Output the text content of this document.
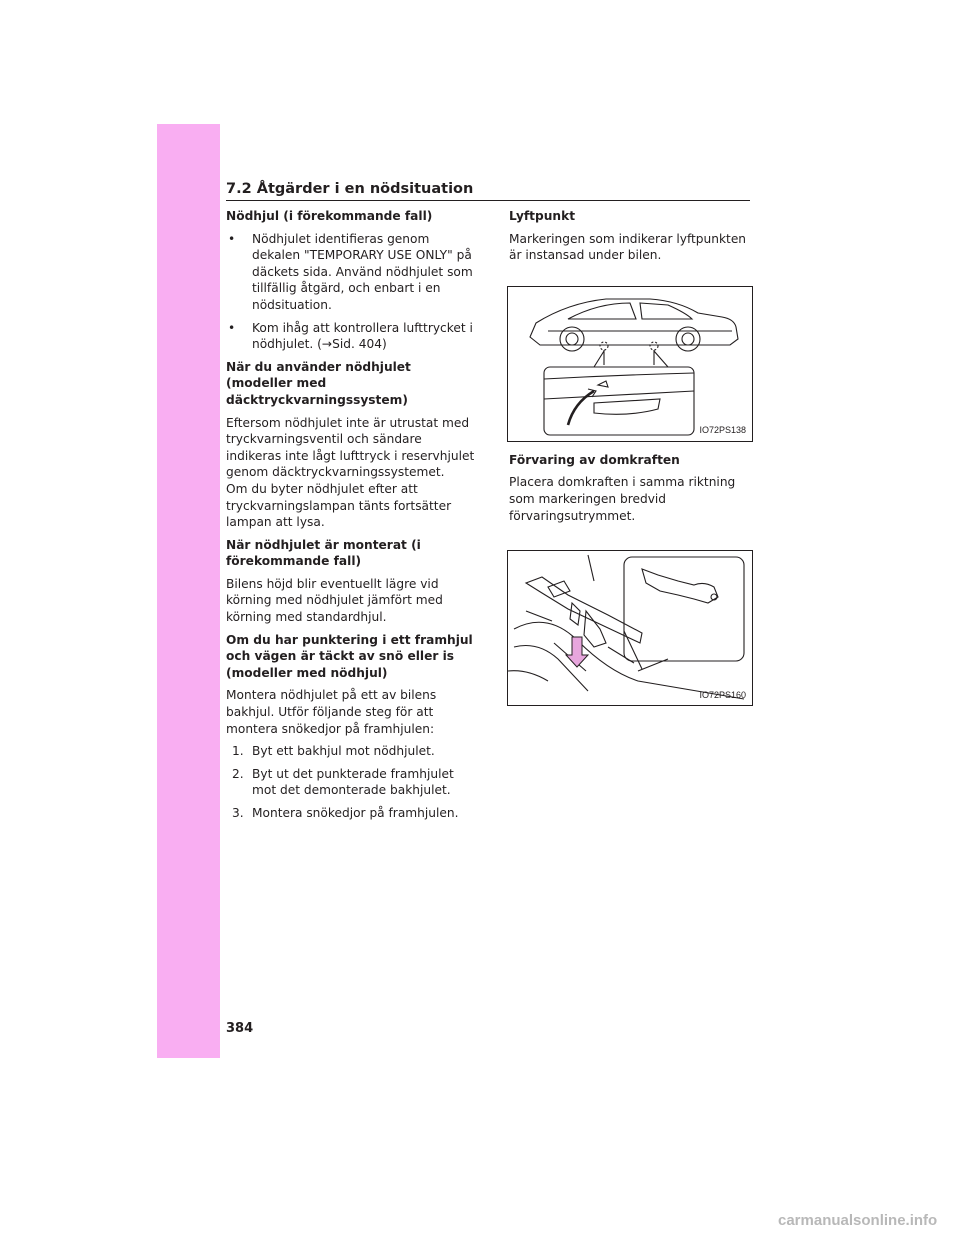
7.2 Åtgärder i en nödsituation
Nödhjul (i förekommande fall)
• Nödhjulet identifieras genom dekalen "TEMPORARY USE ONLY" på däckets sida. Använd nödhjulet som tillfällig åtgärd, och enbart i en nödsituation.
• Kom ihåg att kontrollera lufttrycket i nödhjulet. (→Sid. 404)
När du använder nödhjulet (modeller med däcktryckvarningssystem)
Eftersom nödhjulet inte är utrustat med tryckvarningsventil och sändare indikeras inte lågt lufttryck i reservhjulet genom däcktryckvarningssystemet.
Om du byter nödhjulet efter att tryckvarningslampan tänts fortsätter lampan att lysa.
När nödhjulet är monterat (i förekommande fall)
Bilens höjd blir eventuellt lägre vid körning med nödhjulet jämfört med körning med standardhjul.
Om du har punktering i ett framhjul och vägen är täckt av snö eller is (modeller med nödhjul)
Montera nödhjulet på ett av bilens bakhjul. Utför följande steg för att montera snökedjor på framhjulen:
1. Byt ett bakhjul mot nödhjulet.
2. Byt ut det punkterade framhjulet mot det demonterade bakhjulet.
3. Montera snökedjor på framhjulen.
Lyftpunkt
Markeringen som indikerar lyftpunkten är instansad under bilen.
IO72PS138
Förvaring av domkraften
Placera domkraften i samma riktning som markeringen bredvid förvaringsutrymmet.
IO72PS160
384
carmanualsonline.info
